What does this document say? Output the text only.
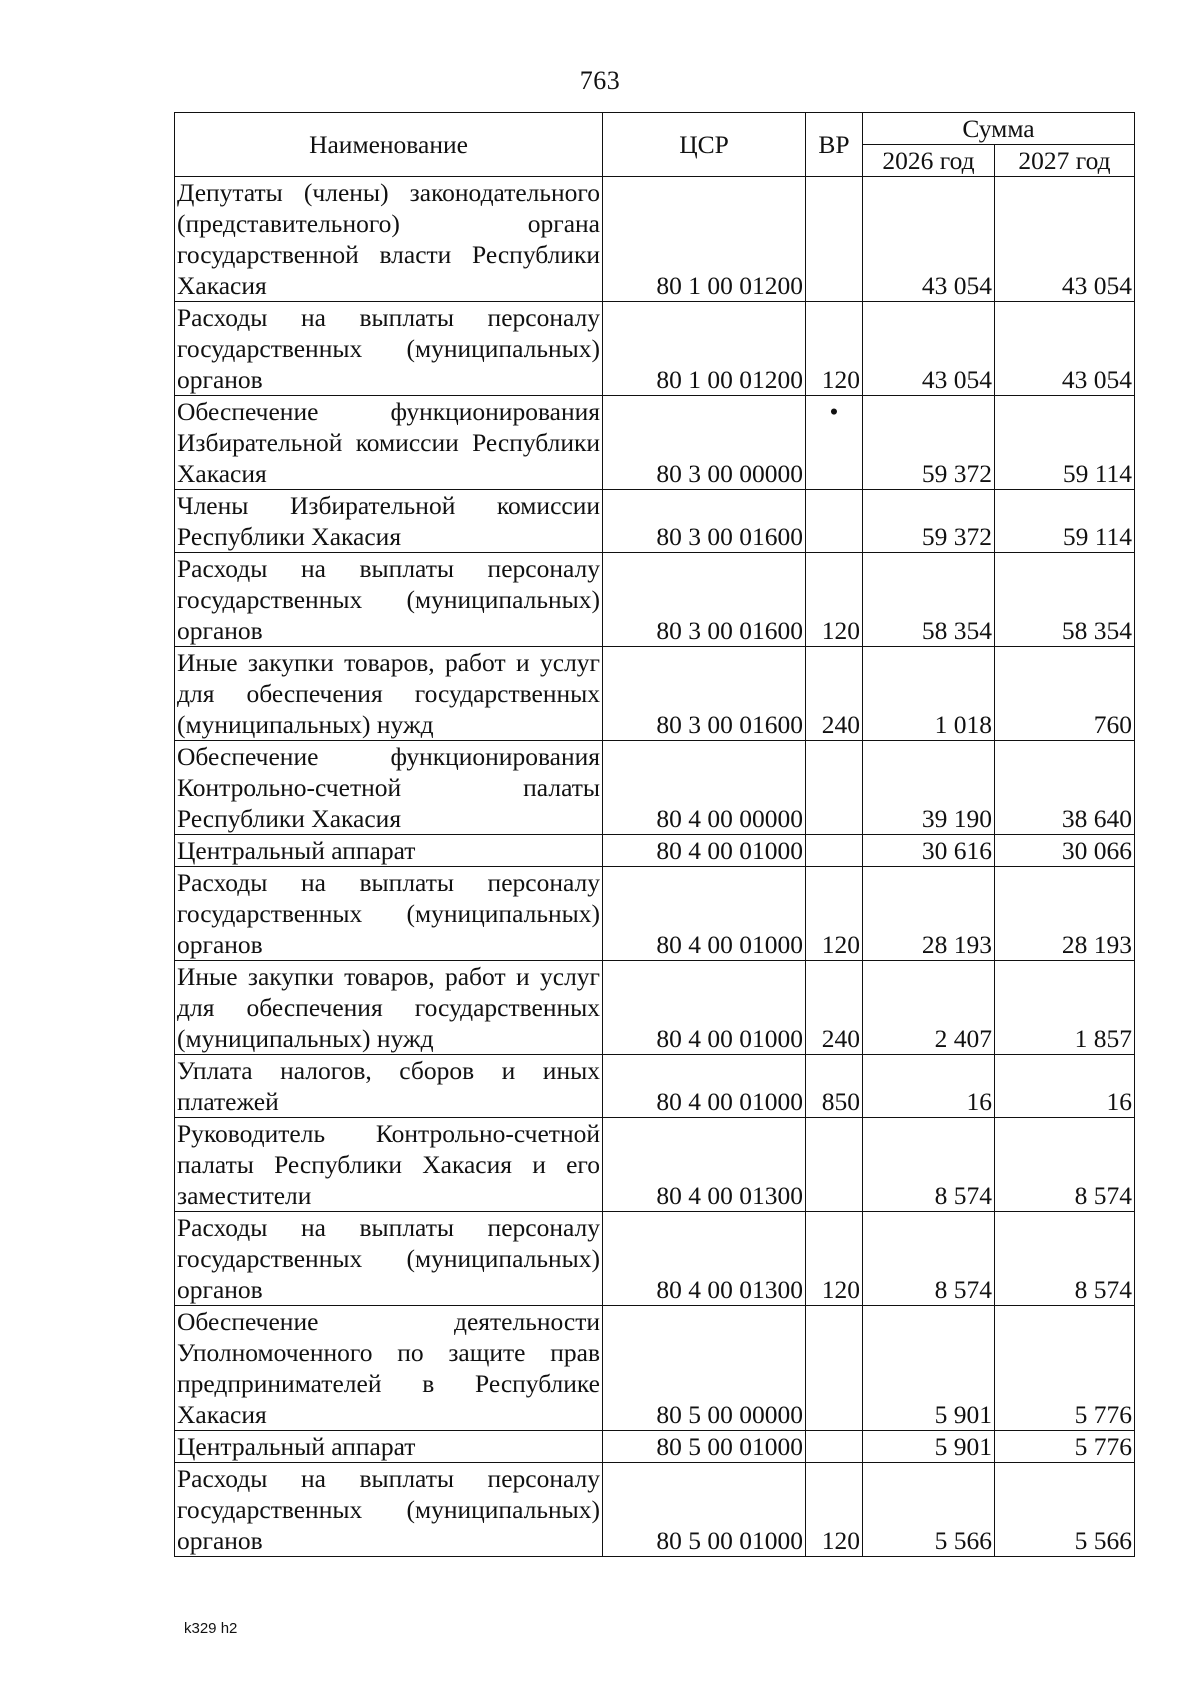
763
Наименование	ЦСР	ВР	Сумма	
			2026 год	2027 год
Депутаты (члены) законодательного (представительного) органа государственной власти Республики Хакасия	80 1 00 01200		43 054	43 054
Расходы на выплаты персоналу государственных (муниципальных) органов	80 1 00 01200	120	43 054	43 054
Обеспечение функционирования Избирательной комиссии Республики Хакасия	80 3 00 00000	•	59 372	59 114
Члены Избирательной комиссии Республики Хакасия	80 3 00 01600		59 372	59 114
Расходы на выплаты персоналу государственных (муниципальных) органов	80 3 00 01600	120	58 354	58 354
Иные закупки товаров, работ и услуг для обеспечения государственных (муниципальных) нужд	80 3 00 01600	240	1 018	760
Обеспечение функционирования Контрольно-счетной палаты Республики Хакасия	80 4 00 00000		39 190	38 640
Центральный аппарат	80 4 00 01000		30 616	30 066
Расходы на выплаты персоналу государственных (муниципальных) органов	80 4 00 01000	120	28 193	28 193
Иные закупки товаров, работ и услуг для обеспечения государственных (муниципальных) нужд	80 4 00 01000	240	2 407	1 857
Уплата налогов, сборов и иных платежей	80 4 00 01000	850	16	16
Руководитель Контрольно-счетной палаты Республики Хакасия и его заместители	80 4 00 01300		8 574	8 574
Расходы на выплаты персоналу государственных (муниципальных) органов	80 4 00 01300	120	8 574	8 574
Обеспечение деятельности Уполномоченного по защите прав предпринимателей в Республике Хакасия	80 5 00 00000		5 901	5 776
Центральный аппарат	80 5 00 01000		5 901	5 776
Расходы на выплаты персоналу государственных (муниципальных) органов	80 5 00 01000	120	5 566	5 566
k329 h2
